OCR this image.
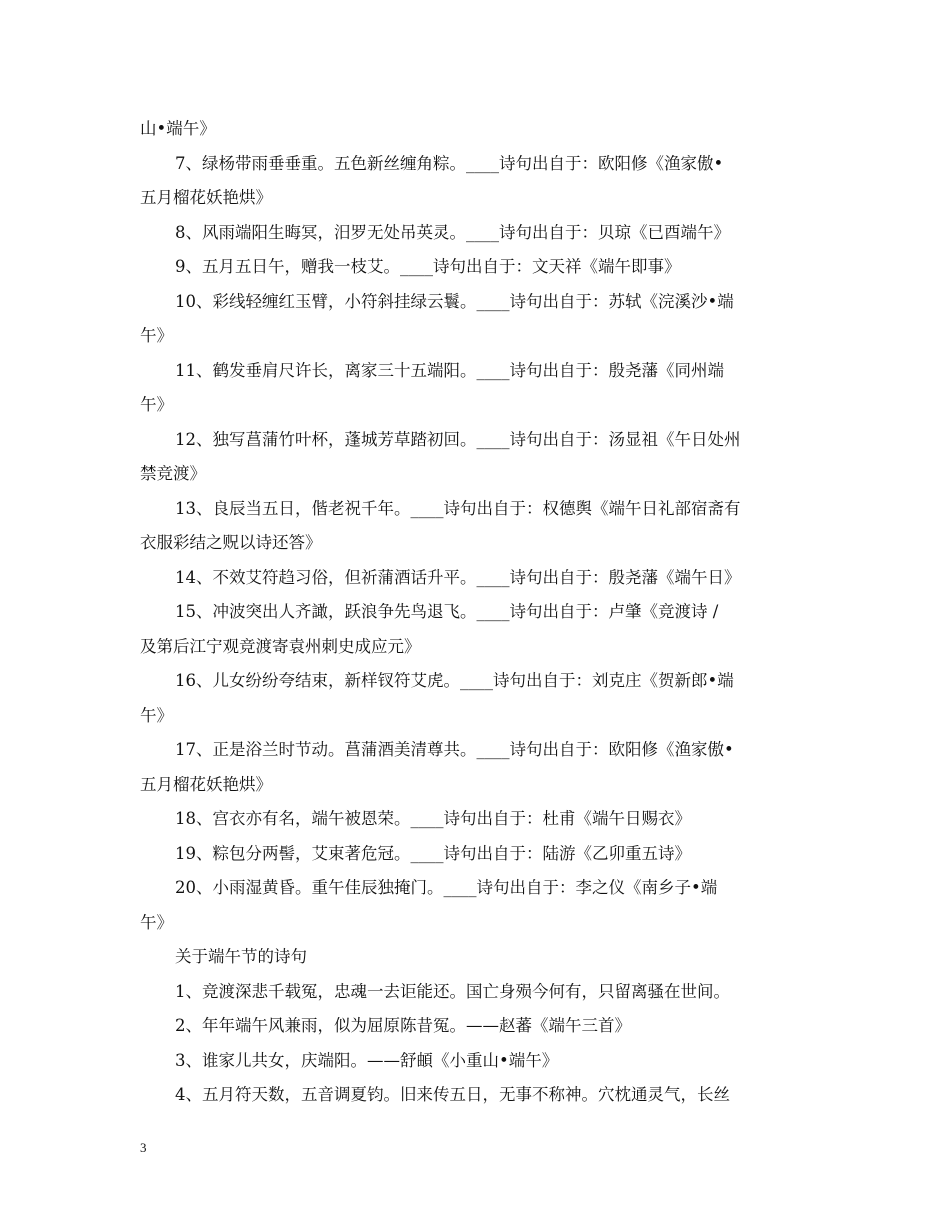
山•端午》
7、绿杨带雨垂垂重。五色新丝缠角粽。____诗句出自于：欧阳修《渔家傲•
五月榴花妖艳烘》
8、风雨端阳生晦冥，汨罗无处吊英灵。____诗句出自于：贝琼《已酉端午》
9、五月五日午，赠我一枝艾。____诗句出自于：文天祥《端午即事》
10、彩线轻缠红玉臂，小符斜挂绿云鬟。____诗句出自于：苏轼《浣溪沙•端
午》
11、鹤发垂肩尺许长，离家三十五端阳。____诗句出自于：殷尧藩《同州端
午》
12、独写菖蒲竹叶杯，蓬城芳草踏初回。____诗句出自于：汤显祖《午日处州
禁竞渡》
13、良辰当五日，偕老祝千年。____诗句出自于：权德舆《端午日礼部宿斋有
衣服彩结之贶以诗还答》
14、不效艾符趋习俗，但祈蒲酒话升平。____诗句出自于：殷尧藩《端午日》
15、冲波突出人齐譀，跃浪争先鸟退飞。____诗句出自于：卢肇《竞渡诗 /
及第后江宁观竞渡寄袁州刺史成应元》
16、儿女纷纷夸结束，新样钗符艾虎。____诗句出自于：刘克庄《贺新郎•端
午》
17、正是浴兰时节动。菖蒲酒美清尊共。____诗句出自于：欧阳修《渔家傲•
五月榴花妖艳烘》
18、宫衣亦有名，端午被恩荣。____诗句出自于：杜甫《端午日赐衣》
19、粽包分两髻，艾束著危冠。____诗句出自于：陆游《乙卯重五诗》
20、小雨湿黄昏。重午佳辰独掩门。____诗句出自于：李之仪《南乡子•端
午》
关于端午节的诗句
1、竞渡深悲千载冤，忠魂一去讵能还。国亡身殒今何有，只留离骚在世间。
2、年年端午风兼雨，似为屈原陈昔冤。——赵蕃《端午三首》
3、谁家儿共女，庆端阳。——舒頔《小重山•端午》
4、五月符天数，五音调夏钧。旧来传五日，无事不称神。穴枕通灵气，长丝
3
